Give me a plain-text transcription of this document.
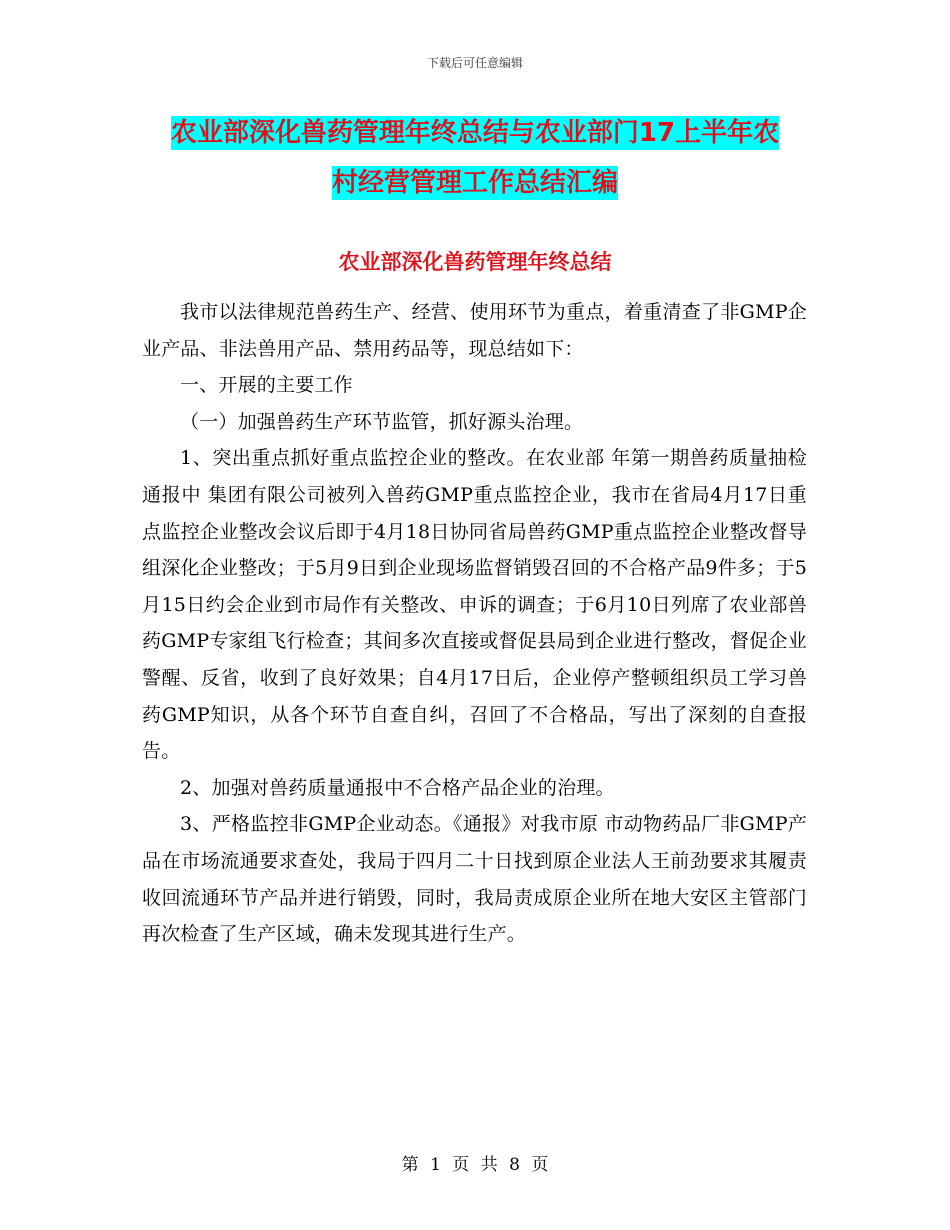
下载后可任意编辑
农业部深化兽药管理年终总结与农业部门17上半年农
村经营管理工作总结汇编
农业部深化兽药管理年终总结

我市以法律规范兽药生产、经营、使用环节为重点，着重清查了非GMP企业产品、非法兽用产品、禁用药品等，现总结如下：

一、开展的主要工作

（一）加强兽药生产环节监管，抓好源头治理。

1、突出重点抓好重点监控企业的整改。在农业部 年第一期兽药质量抽检通报中 集团有限公司被列入兽药GMP重点监控企业，我市在省局4月17日重点监控企业整改会议后即于4月18日协同省局兽药GMP重点监控企业整改督导组深化企业整改；于5月9日到企业现场监督销毁召回的不合格产品9件多；于5月15日约会企业到市局作有关整改、申诉的调查；于6月10日列席了农业部兽药GMP专家组飞行检查；其间多次直接或督促县局到企业进行整改，督促企业警醒、反省，收到了良好效果；自4月17日后，企业停产整顿组织员工学习兽药GMP知识，从各个环节自查自纠，召回了不合格品，写出了深刻的自查报告。

2、加强对兽药质量通报中不合格产品企业的治理。

3、严格监控非GMP企业动态。《通报》对我市原 市动物药品厂非GMP产品在市场流通要求查处，我局于四月二十日找到原企业法人王前劲要求其履责收回流通环节产品并进行销毁，同时，我局责成原企业所在地大安区主管部门再次检查了生产区域，确未发现其进行生产。

第 1 页 共 8 页
